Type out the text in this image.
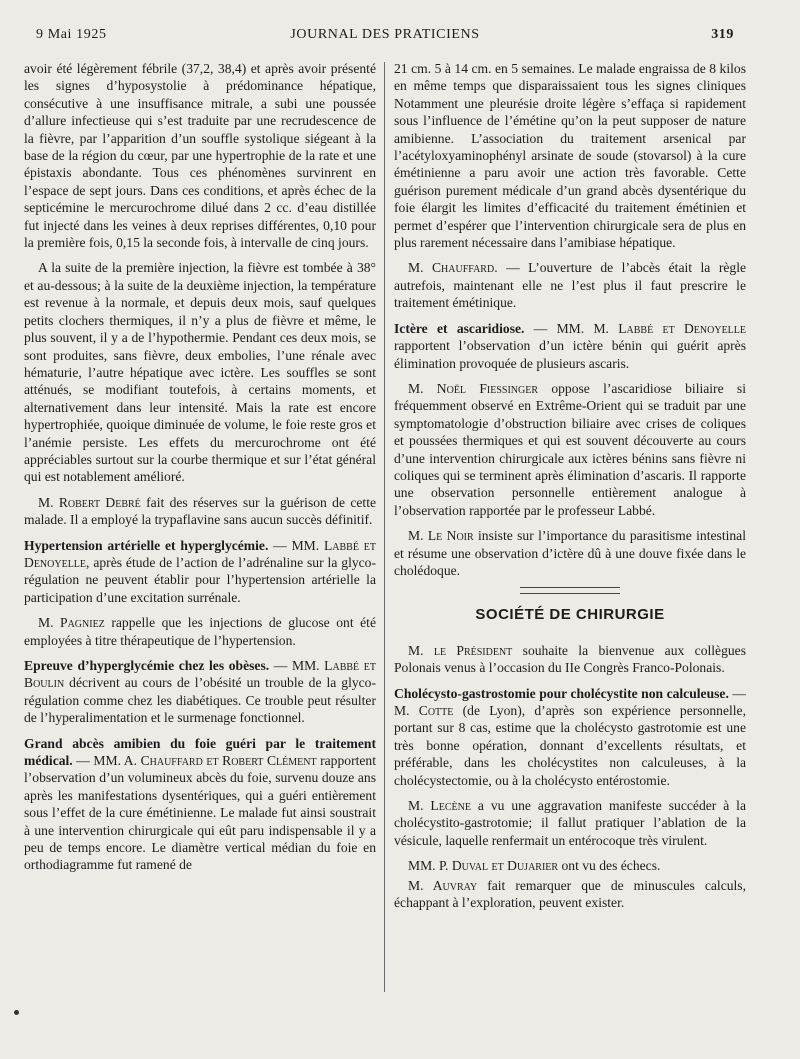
9 Mai 1925	JOURNAL DES PRATICIENS	319

avoir été légèrement fébrile (37,2, 38,4) et après avoir présenté les signes d’hyposystolie à prédominance hépatique, consécutive à une insuffisance mitrale, a subi une poussée d’allure infectieuse qui s’est traduite par une recrudescence de la fièvre, par l’apparition d’un souffle systolique siégeant à la base de la région du cœur, par une hypertrophie de la rate et une épistaxis abondante. Tous ces phénomènes survinrent en l’espace de sept jours. Dans ces conditions, et après échec de la septicémine le mercurochrome dilué dans 2 cc. d’eau distillée fut injecté dans les veines à deux reprises différentes, 0,10 pour la première fois, 0,15 la seconde fois, à intervalle de cinq jours.

A la suite de la première injection, la fièvre est tombée à 38° et au-dessous; à la suite de la deuxième injection, la température est revenue à la normale, et depuis deux mois, sauf quelques petits clochers thermiques, il n’y a plus de fièvre et même, le plus souvent, il y a de l’hypothermie. Pendant ces deux mois, se sont produites, sans fièvre, deux embolies, l’une rénale avec hématurie, l’autre hépatique avec ictère. Les souffles se sont atténués, se modifiant toutefois, à certains moments, et alternativement dans leur intensité. Mais la rate est encore hypertrophiée, quoique diminuée de volume, le foie reste gros et l’anémie persiste. Les effets du mercurochrome ont été appréciables surtout sur la courbe thermique et sur l’état général qui est notablement amélioré.

M. Robert Debré fait des réserves sur la guérison de cette malade. Il a employé la trypaflavine sans aucun succès définitif.

Hypertension artérielle et hyperglycémie. — MM. Labbé et Denoyelle, après étude de l’action de l’adrénaline sur la glyco-régulation ne peuvent établir pour l’hypertension artérielle la participation d’une excitation surrénale.

M. Pagniez rappelle que les injections de glucose ont été employées à titre thérapeutique de l’hypertension.

Epreuve d’hyperglycémie chez les obèses. — MM. Labbé et Boulin décrivent au cours de l’obésité un trouble de la glyco-régulation comme chez les diabétiques. Ce trouble peut résulter de l’hyperalimentation et le surmenage fonctionnel.

Grand abcès amibien du foie guéri par le traitement médical. — MM. A. Chauffard et Robert Clément rapportent l’observation d’un volumineux abcès du foie, survenu douze ans après les manifestations dysentériques, qui a guéri entièrement sous l’effet de la cure émétinienne. Le malade fut ainsi soustrait à une intervention chirurgicale qui eût paru indispensable il y a peu de temps encore. Le diamètre vertical médian du foie en orthodiagramme fut ramené de

21 cm. 5 à 14 cm. en 5 semaines. Le malade engraissa de 8 kilos en même temps que disparaissaient tous les signes cliniques Notamment une pleurésie droite légère s’effaça si rapidement sous l’influence de l’émétine qu’on la peut supposer de nature amibienne. L’association du traitement arsenical par l’acétyloxyaminophényl arsinate de soude (stovarsol) à la cure émétinienne a paru avoir une action très favorable. Cette guérison purement médicale d’un grand abcès dysentérique du foie élargit les limites d’efficacité du traitement émétinien et permet d’espérer que l’intervention chirurgicale sera de plus en plus rarement nécessaire dans l’amibiase hépatique.

M. Chauffard. — L’ouverture de l’abcès était la règle autrefois, maintenant elle ne l’est plus il faut prescrire le traitement émétinique.

Ictère et ascaridiose. — MM. M. Labbé et Denoyelle rapportent l’observation d’un ictère bénin qui guérit après élimination provoquée de plusieurs ascaris.

M. Noël Fiessinger oppose l’ascaridiose biliaire si fréquemment observé en Extrême-Orient qui se traduit par une symptomatologie d’obstruction biliaire avec crises de coliques et poussées thermiques et qui est souvent découverte au cours d’une intervention chirurgicale aux ictères bénins sans fièvre ni coliques qui se terminent après élimination d’ascaris. Il rapporte une observation personnelle entièrement analogue à l’observation rapportée par le professeur Labbé.

M. Le Noir insiste sur l’importance du parasitisme intestinal et résume une observation d’ictère dû à une douve fixée dans le cholédoque.

SOCIÉTÉ DE CHIRURGIE

M. le Président souhaite la bienvenue aux collègues Polonais venus à l’occasion du IIe Congrès Franco-Polonais.

Cholécysto-gastrostomie pour cholécystite non calculeuse. — M. Cotte (de Lyon), d’après son expérience personnelle, portant sur 8 cas, estime que la cholécysto gastrotomie est une très bonne opération, donnant d’excellents résultats, et préférable, dans les cholécystites non calculeuses, à la cholécystectomie, ou à la cholécysto entérostomie.

M. Lecène a vu une aggravation manifeste succéder à la cholécystito-gastrotomie; il fallut pratiquer l’ablation de la vésicule, laquelle renfermait un entérocoque très virulent.

MM. P. Duval et Dujarier ont vu des échecs.

M. Auvray fait remarquer que de minuscules calculs, échappant à l’exploration, peuvent exister.
